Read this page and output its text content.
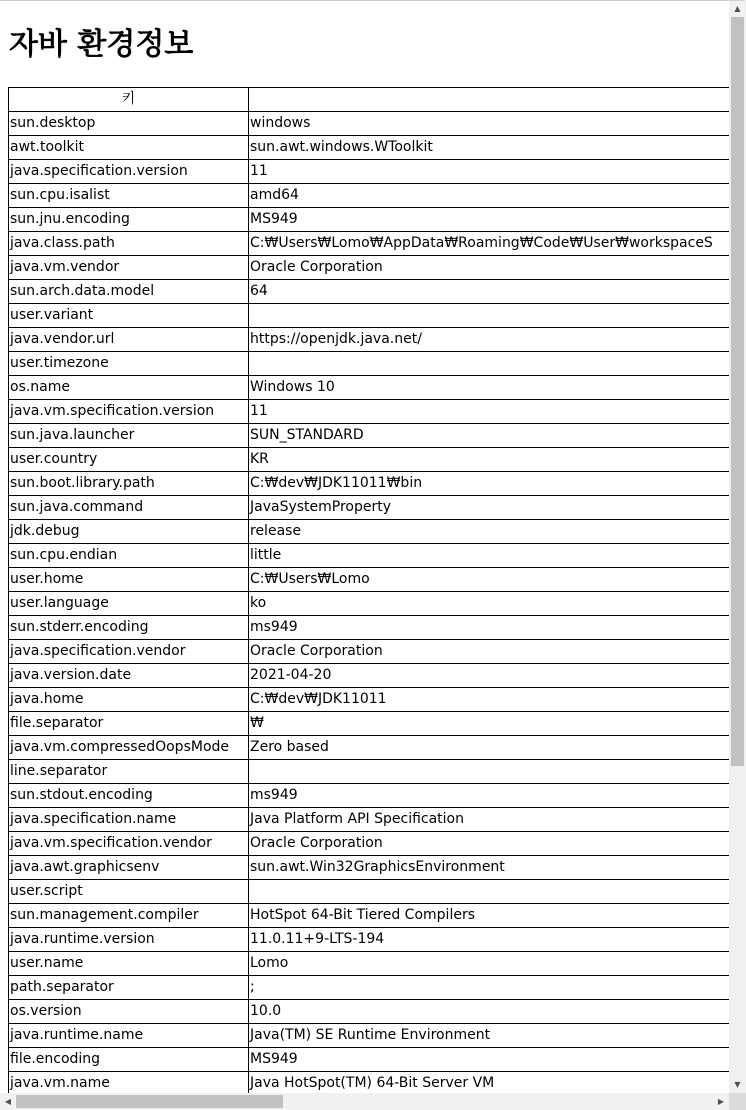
자바 환경정보
키	
sun.desktop	windows
awt.toolkit	sun.awt.windows.WToolkit
java.specification.version	11
sun.cpu.isalist	amd64
sun.jnu.encoding	MS949
java.class.path	C:₩Users₩Lomo₩AppData₩Roaming₩Code₩User₩workspaceS
java.vm.vendor	Oracle Corporation
sun.arch.data.model	64
user.variant	
java.vendor.url	https://openjdk.java.net/
user.timezone	
os.name	Windows 10
java.vm.specification.version	11
sun.java.launcher	SUN_STANDARD
user.country	KR
sun.boot.library.path	C:₩dev₩JDK11011₩bin
sun.java.command	JavaSystemProperty
jdk.debug	release
sun.cpu.endian	little
user.home	C:₩Users₩Lomo
user.language	ko
sun.stderr.encoding	ms949
java.specification.vendor	Oracle Corporation
java.version.date	2021-04-20
java.home	C:₩dev₩JDK11011
file.separator	₩
java.vm.compressedOopsMode	Zero based
line.separator	
sun.stdout.encoding	ms949
java.specification.name	Java Platform API Specification
java.vm.specification.vendor	Oracle Corporation
java.awt.graphicsenv	sun.awt.Win32GraphicsEnvironment
user.script	
sun.management.compiler	HotSpot 64-Bit Tiered Compilers
java.runtime.version	11.0.11+9-LTS-194
user.name	Lomo
path.separator	;
os.version	10.0
java.runtime.name	Java(TM) SE Runtime Environment
file.encoding	MS949
java.vm.name	Java HotSpot(TM) 64-Bit Server VM
▲
▼
◀	▶
